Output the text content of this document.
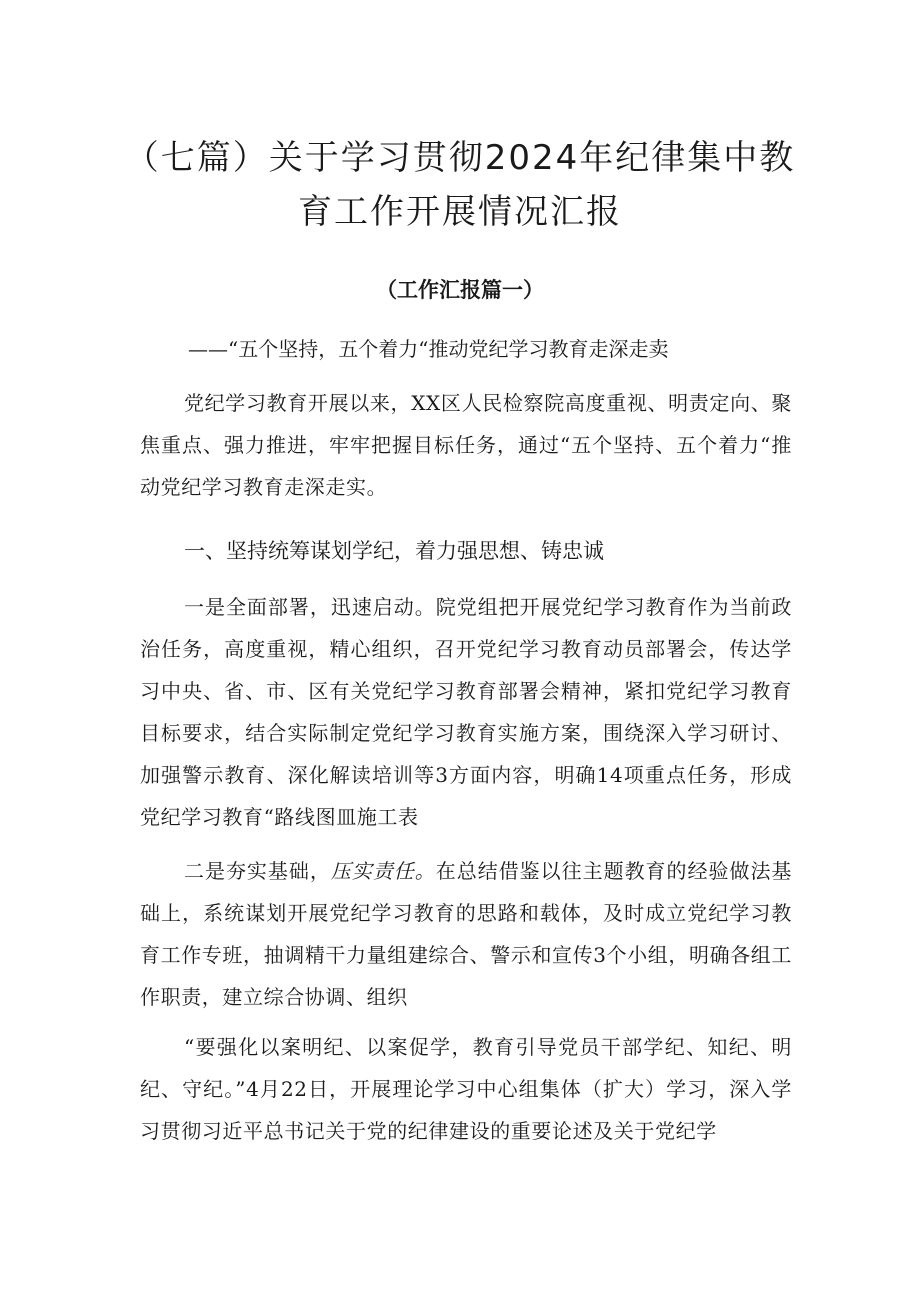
（七篇）关于学习贯彻2024年纪律集中教
育工作开展情况汇报
（工作汇报篇一）
——“五个坚持，五个着力“推动党纪学习教育走深走卖

党纪学习教育开展以来，XX区人民检察院高度重视、明责定向、聚焦重点、强力推进，牢牢把握目标任务，通过“五个坚持、五个着力“推动党纪学习教育走深走实。

一、坚持统筹谋划学纪，着力强思想、铸忠诚

一是全面部署，迅速启动。院党组把开展党纪学习教育作为当前政治任务，高度重视，精心组织，召开党纪学习教育动员部署会，传达学习中央、省、市、区有关党纪学习教育部署会精神，紧扣党纪学习教育目标要求，结合实际制定党纪学习教育实施方案，围绕深入学习研讨、加强警示教育、深化解读培训等3方面内容，明确14项重点任务，形成党纪学习教育“路线图皿施工表

二是夯实基础，压实责任。在总结借鉴以往主题教育的经验做法基础上，系统谋划开展党纪学习教育的思路和载体，及时成立党纪学习教育工作专班，抽调精干力量组建综合、警示和宣传3个小组，明确各组工作职责，建立综合协调、组织

“要强化以案明纪、以案促学，教育引导党员干部学纪、知纪、明纪、守纪。”4月22日，开展理论学习中心组集体（扩大）学习，深入学习贯彻习近平总书记关于党的纪律建设的重要论述及关于党纪学
